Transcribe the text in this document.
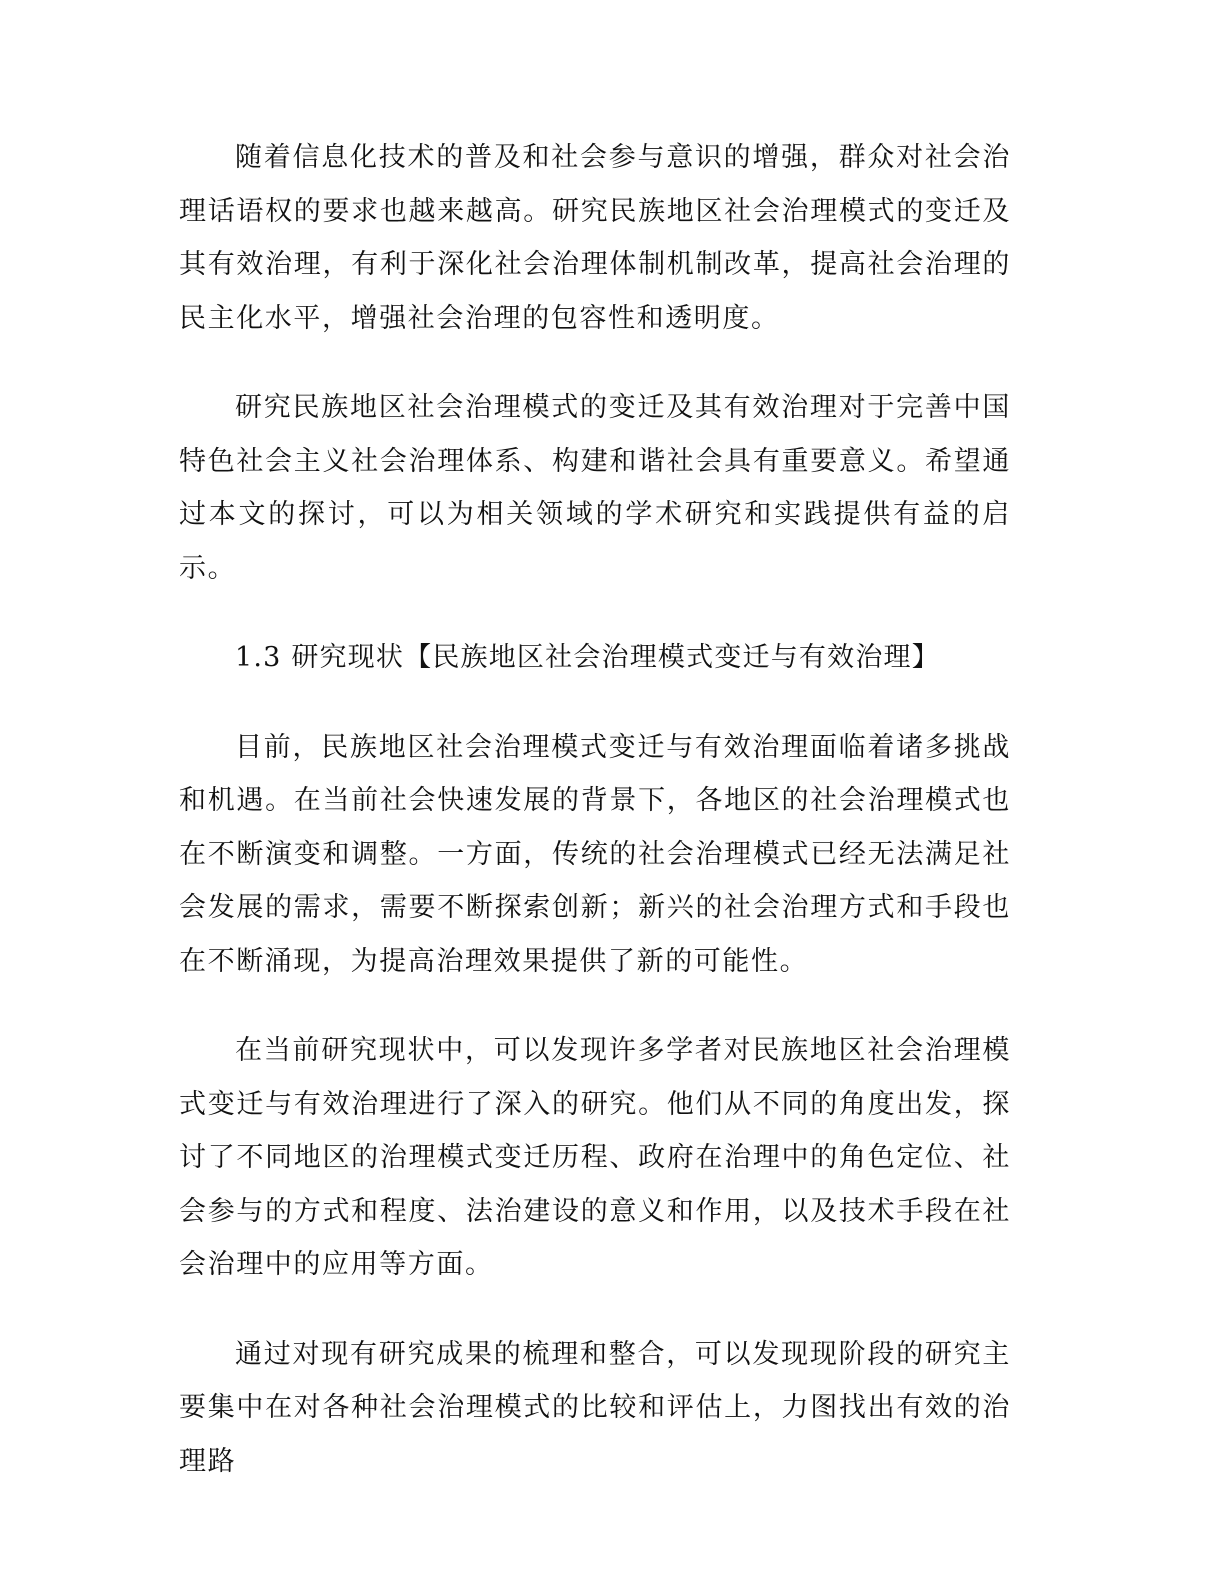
随着信息化技术的普及和社会参与意识的增强，群众对社会治理话语权的要求也越来越高。研究民族地区社会治理模式的变迁及其有效治理，有利于深化社会治理体制机制改革，提高社会治理的民主化水平，增强社会治理的包容性和透明度。

研究民族地区社会治理模式的变迁及其有效治理对于完善中国特色社会主义社会治理体系、构建和谐社会具有重要意义。希望通过本文的探讨，可以为相关领域的学术研究和实践提供有益的启示。

1.3 研究现状【民族地区社会治理模式变迁与有效治理】

目前，民族地区社会治理模式变迁与有效治理面临着诸多挑战和机遇。在当前社会快速发展的背景下，各地区的社会治理模式也在不断演变和调整。一方面，传统的社会治理模式已经无法满足社会发展的需求，需要不断探索创新；新兴的社会治理方式和手段也在不断涌现，为提高治理效果提供了新的可能性。

在当前研究现状中，可以发现许多学者对民族地区社会治理模式变迁与有效治理进行了深入的研究。他们从不同的角度出发，探讨了不同地区的治理模式变迁历程、政府在治理中的角色定位、社会参与的方式和程度、法治建设的意义和作用，以及技术手段在社会治理中的应用等方面。

通过对现有研究成果的梳理和整合，可以发现现阶段的研究主要集中在对各种社会治理模式的比较和评估上，力图找出有效的治理路
